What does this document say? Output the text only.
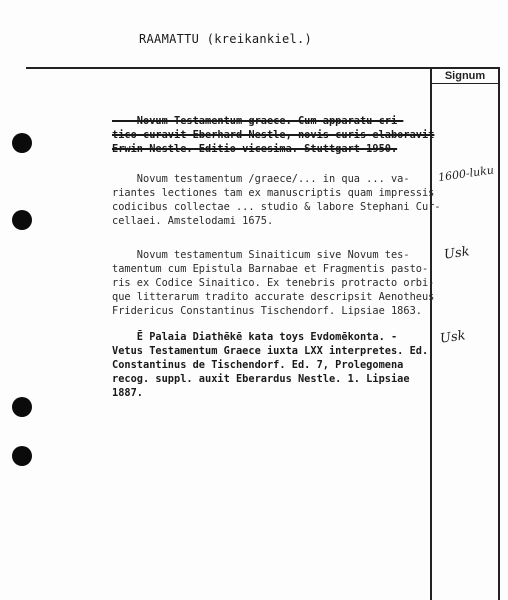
RAAMATTU (kreikankiel.)
Signum

Novum Testamentum graece. Cum apparatu cri-
tico curavit Eberhard Nestle, novis curis elaboravit
Erwin Nestle. Editio vicesima. Stuttgart 1950.

Novum testamentum /graece/... in qua ... va-
riantes lectiones tam ex manuscriptis quam impressis
codicibus collectae ... studio & labore Stephani Cur-
cellaei. Amstelodami 1675.

Novum testamentum Sinaiticum sive Novum tes-
tamentum cum Epistula Barnabae et Fragmentis pasto-
ris ex Codice Sinaitico. Ex tenebris protracto orbi-
que litterarum tradito accurate descripsit Aenotheus
Fridericus Constantinus Tischendorf. Lipsiae 1863.

Ē Palaia Diathēkē kata toys Evdomēkonta. -
Vetus Testamentum Graece iuxta LXX interpretes. Ed.
Constantinus de Tischendorf. Ed. 7, Prolegomena
recog. suppl. auxit Eberardus Nestle. 1. Lipsiae
1887.

1600-luku
Usk
Usk
